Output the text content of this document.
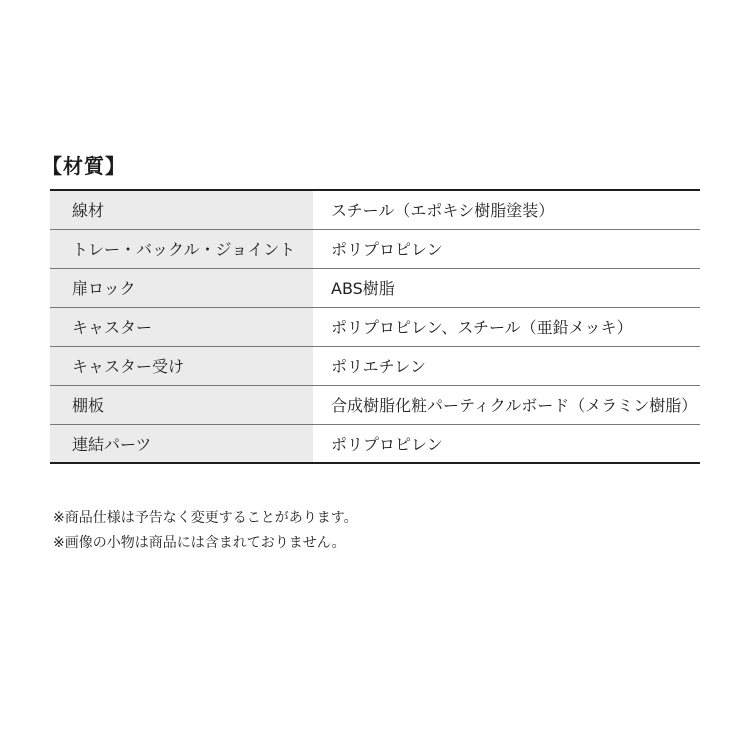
【材質】
線材	スチール（エポキシ樹脂塗装）
トレー・バックル・ジョイント	ポリプロピレン
扉ロック	ABS樹脂
キャスター	ポリプロピレン、スチール（亜鉛メッキ）
キャスター受け	ポリエチレン
棚板	合成樹脂化粧パーティクルボード（メラミン樹脂）
連結パーツ	ポリプロピレン
※商品仕様は予告なく変更することがあります。
※画像の小物は商品には含まれておりません。
